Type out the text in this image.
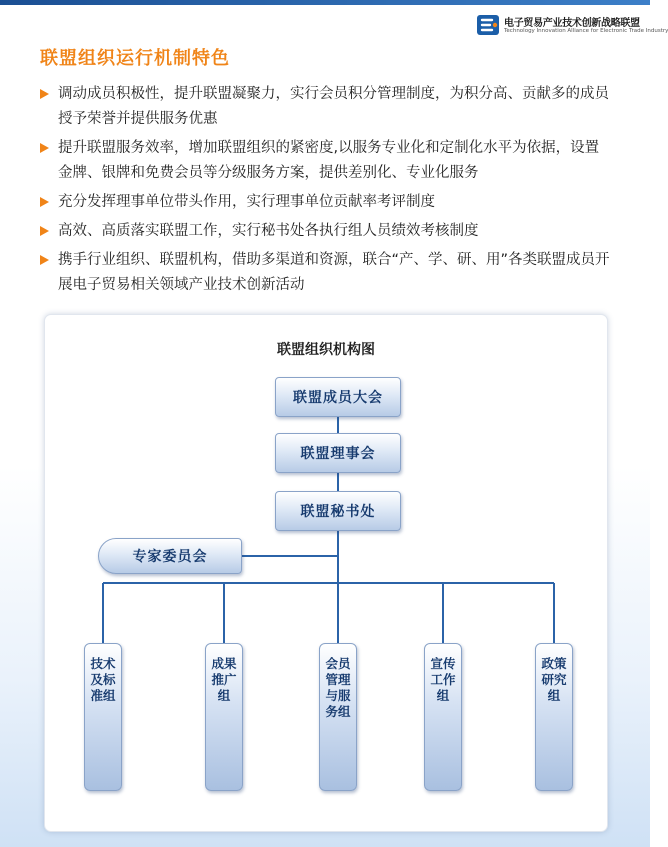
电子贸易产业技术创新战略联盟
Technology Innovation Alliance for Electronic Trade Industry
联盟组织运行机制特色
调动成员积极性，提升联盟凝聚力，实行会员积分管理制度，为积分高、贡献多的成员授予荣誉并提供服务优惠
提升联盟服务效率，增加联盟组织的紧密度,以服务专业化和定制化水平为依据，设置金牌、银牌和免费会员等分级服务方案，提供差别化、专业化服务
充分发挥理事单位带头作用，实行理事单位贡献率考评制度
高效、高质落实联盟工作，实行秘书处各执行组人员绩效考核制度
携手行业组织、联盟机构，借助多渠道和资源，联合“产、学、研、用”各类联盟成员开展电子贸易相关领域产业技术创新活动
联盟组织机构图
联盟成员大会
联盟理事会
联盟秘书处
专家委员会
技术及标准组
成果推广组
会员管理与服务组
宣传工作组
政策研究组
